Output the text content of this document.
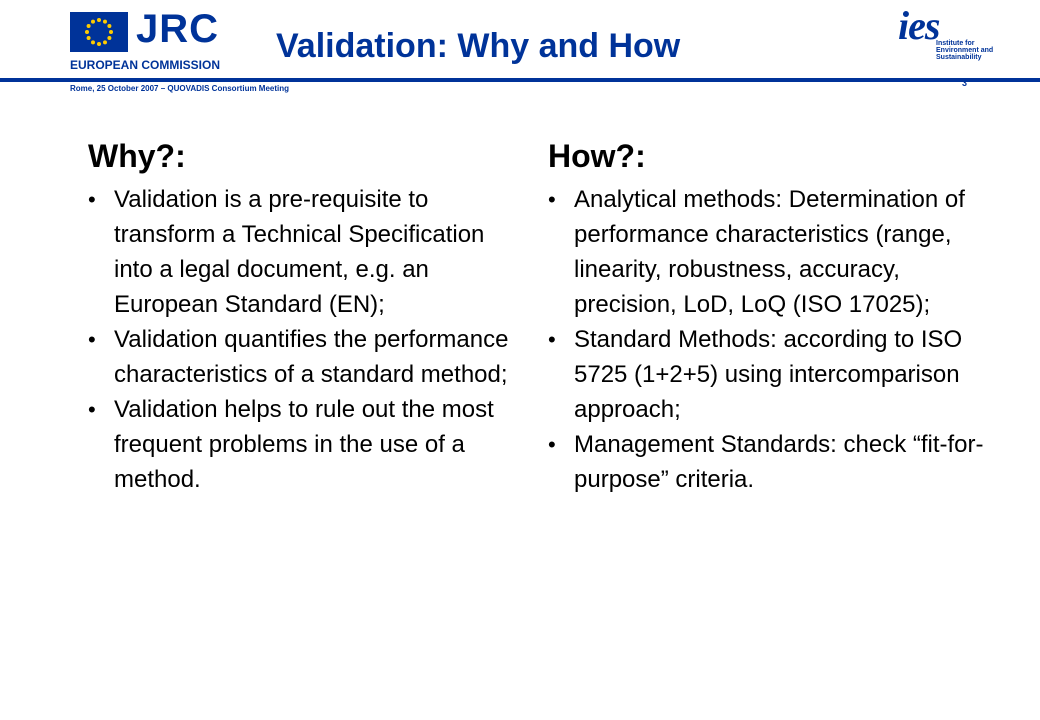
JRC
EUROPEAN COMMISSION Validation: Why and How	ies
Institute for
Environment and
Sustainability
Rome, 25 October 2007 – QUOVADIS Consortium Meeting
3
Why?:
• Validation is a pre-requisite to transform a Technical Specification into a legal document, e.g. an European Standard (EN);
• Validation quantifies the performance characteristics of a standard method;
• Validation helps to rule out the most frequent problems in the use of a method.
How?:
• Analytical methods: Determination of performance characteristics (range, linearity, robustness, accuracy, precision, LoD, LoQ (ISO 17025);
• Standard Methods: according to ISO 5725 (1+2+5) using intercomparison approach;
• Management Standards: check “fit-for-purpose” criteria.
